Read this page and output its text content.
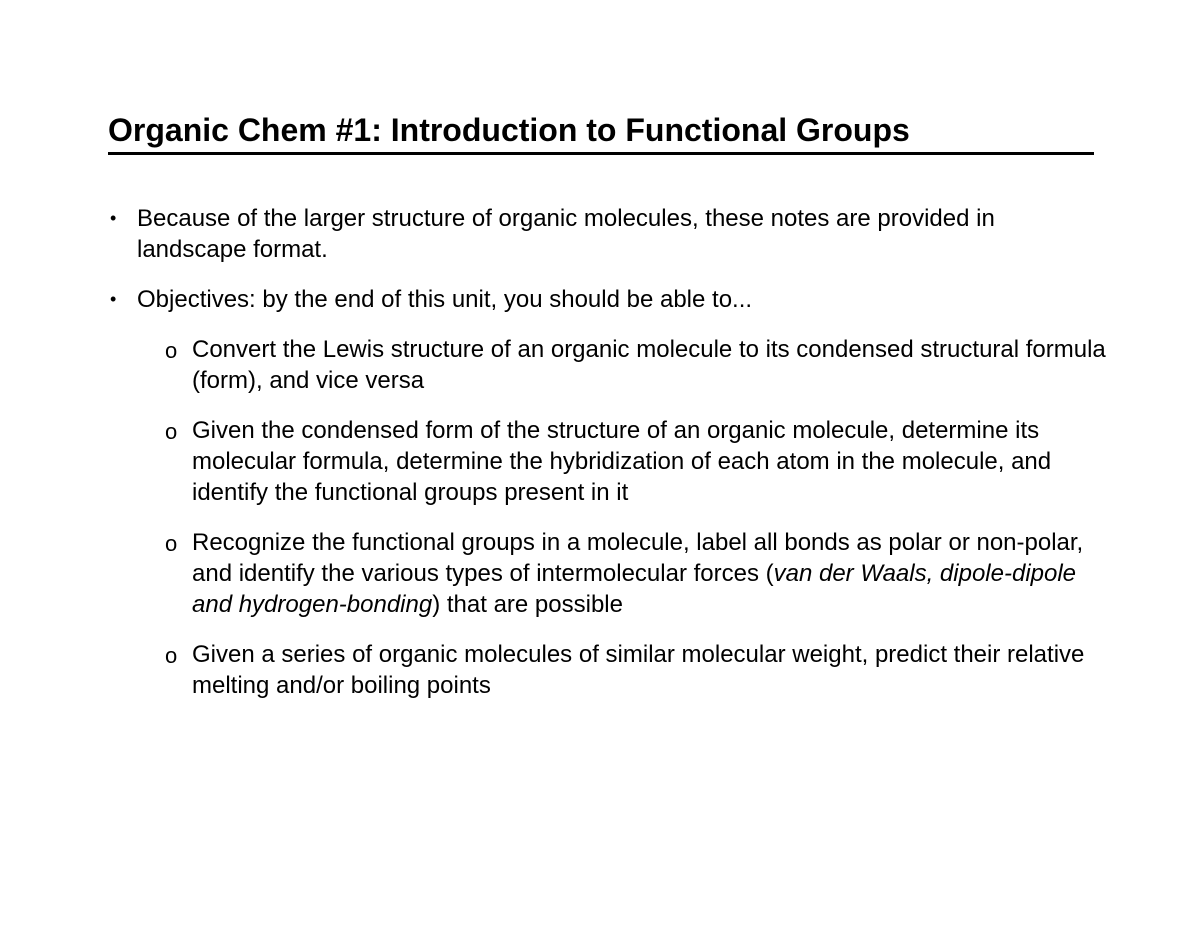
Organic Chem #1: Introduction to Functional Groups
• Because of the larger structure of organic molecules, these notes are provided in landscape format.
• Objectives: by the end of this unit, you should be able to...
o Convert the Lewis structure of an organic molecule to its condensed structural formula (form), and vice versa
o Given the condensed form of the structure of an organic molecule, determine its molecular formula, determine the hybridization of each atom in the molecule, and identify the functional groups present in it
o Recognize the functional groups in a molecule, label all bonds as polar or non-polar, and identify the various types of intermolecular forces (van der Waals, dipole-dipole and hydrogen-bonding) that are possible
o Given a series of organic molecules of similar molecular weight, predict their relative melting and/or boiling points
